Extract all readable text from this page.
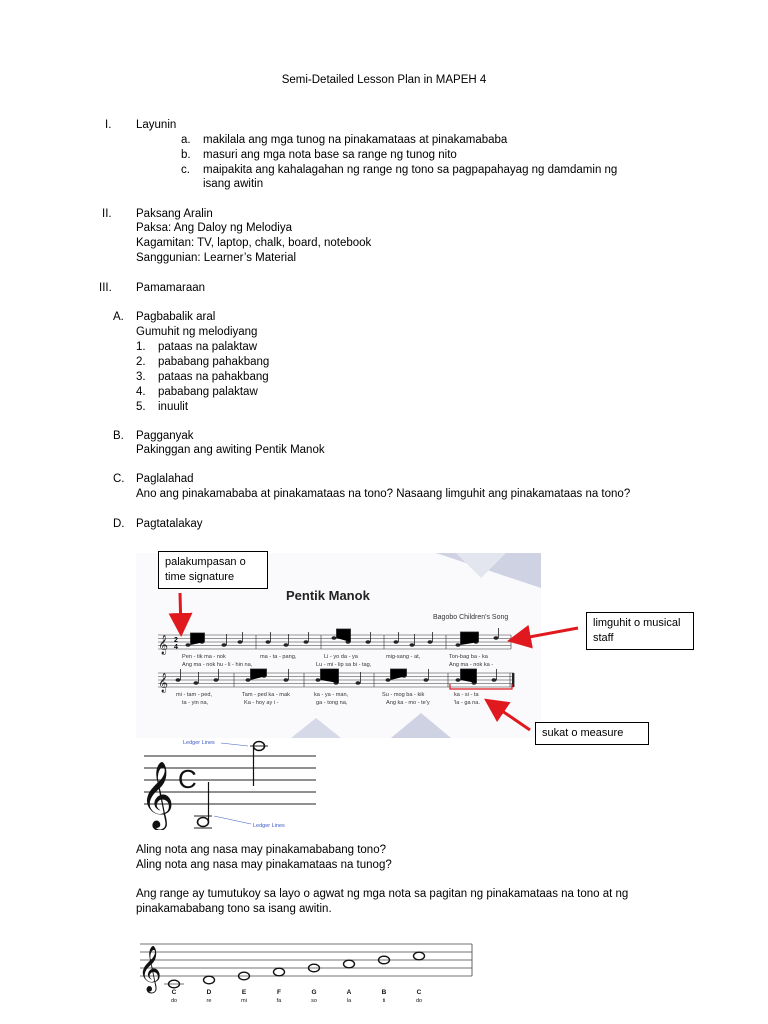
Semi-Detailed Lesson Plan in MAPEH 4
I. Layunin
a. makilala ang mga tunog na pinakamataas at pinakamababa
b. masuri ang mga nota base sa range ng tunog nito
c. maipakita ang kahalagahan ng range ng tono sa pagpapahayag ng damdamin ng
isang awitin
II. Paksang Aralin
Paksa: Ang Daloy ng Melodiya
Kagamitan: TV, laptop, chalk, board, notebook
Sanggunian: Learner’s Material
III. Pamamaraan
A. Pagbabalik aral
Gumuhit ng melodiyang
1. pataas na palaktaw
2. pababang pahakbang
3. pataas na pahakbang
4. pababang palaktaw
5. inuulit
B. Pagganyak
Pakinggan ang awiting Pentik Manok
C. Paglalahad
Ano ang pinakamababa at pinakamataas na tono? Nasaang limguhit ang pinakamataas na tono?
D. Pagtatalakay
Pentik Manok
Bagobo Children's Song
𝄞 2
4
Pen - tik ma - nok	ma - ta - pang,	Li - yo da - ya	mig-sang - at,	Ton-bag ba - ka
Ang ma - nok hu - li - hin na,	Lu - mi - lip sa bi - tag,	Ang ma - nok ka -
𝄞
mi - tam - ped,	Tam - ped ka - mak	ka - ya - man,	Su - mog ba - kik	ka - si - ta
ta - yin na,	Ka - hoy ay i -	ga - tong na,	Ang ka - mo - te'y	'la - ga na.
palakumpasan o time signature
limguhit o musical staff
sukat o measure
𝄞 C
Ledger Lines
Ledger Lines
Aling nota ang nasa may pinakamababang tono?
Aling nota ang nasa may pinakamataas na tunog?
Ang range ay tumutukoy sa layo o agwat ng mga nota sa pagitan ng pinakamataas na tono at ng
pinakamababang tono sa isang awitin.
𝄞
C	D	E	F	G	A	B	C
do	re	mi	fa	so	la	ti	do
